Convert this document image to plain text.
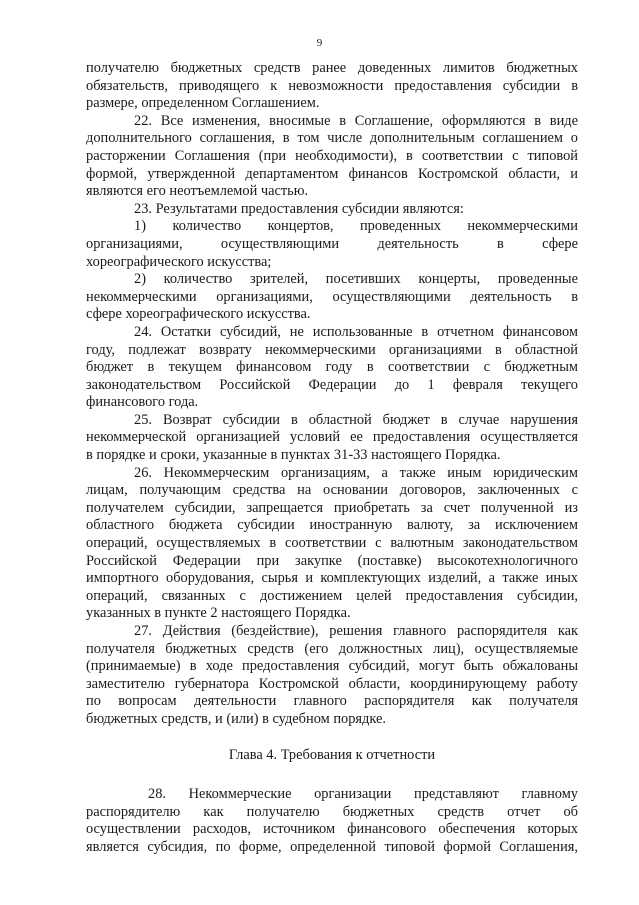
9
получателю бюджетных средств ранее доведенных лимитов бюджетных
обязательств, приводящего к невозможности предоставления субсидии в
размере, определенном Соглашением.
22. Все изменения, вносимые в Соглашение, оформляются в виде
дополнительного соглашения, в том числе дополнительным соглашением о
расторжении Соглашения (при необходимости), в соответствии с типовой
формой, утвержденной департаментом финансов Костромской области, и
являются его неотъемлемой частью.
23. Результатами предоставления субсидии являются:
1) количество концертов, проведенных некоммерческими
организациями, осуществляющими деятельность в сфере
хореографического искусства;
2) количество зрителей, посетивших концерты, проведенные
некоммерческими организациями, осуществляющими деятельность в
сфере хореографического искусства.
24. Остатки субсидий, не использованные в отчетном финансовом
году, подлежат возврату некоммерческими организациями в областной
бюджет в текущем финансовом году в соответствии с бюджетным
законодательством Российской Федерации до 1 февраля текущего
финансового года.
25. Возврат субсидии в областной бюджет в случае нарушения
некоммерческой организацией условий ее предоставления осуществляется
в порядке и сроки, указанные в пунктах 31-33 настоящего Порядка.
26. Некоммерческим организациям, а также иным юридическим
лицам, получающим средства на основании договоров, заключенных с
получателем субсидии, запрещается приобретать за счет полученной из
областного бюджета субсидии иностранную валюту, за исключением
операций, осуществляемых в соответствии с валютным законодательством
Российской Федерации при закупке (поставке) высокотехнологичного
импортного оборудования, сырья и комплектующих изделий, а также иных
операций, связанных с достижением целей предоставления субсидии,
указанных в пункте 2 настоящего Порядка.
27. Действия (бездействие), решения главного распорядителя как
получателя бюджетных средств (его должностных лиц), осуществляемые
(принимаемые) в ходе предоставления субсидий, могут быть обжалованы
заместителю губернатора Костромской области, координирующему работу
по вопросам деятельности главного распорядителя как получателя
бюджетных средств, и (или) в судебном порядке.
Глава 4. Требования к отчетности
28. Некоммерческие организации представляют главному
распорядителю как получателю бюджетных средств отчет об
осуществлении расходов, источником финансового обеспечения которых
является субсидия, по форме, определенной типовой формой Соглашения,
